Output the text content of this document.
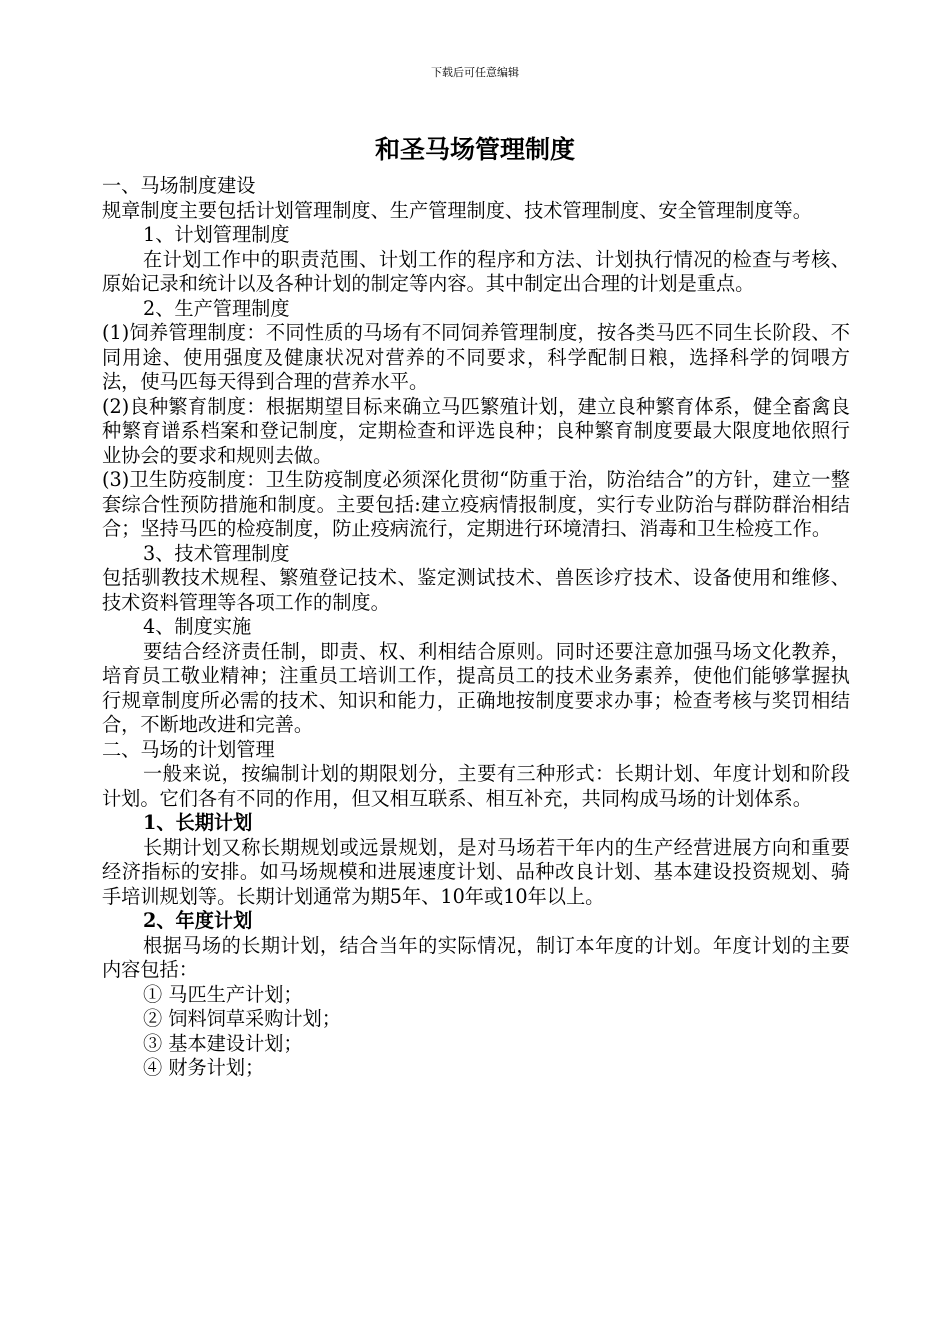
下载后可任意编辑
和圣马场管理制度

一、马场制度建设

规章制度主要包括计划管理制度、生产管理制度、技术管理制度、安全管理制度等。

1、计划管理制度

在计划工作中的职责范围、计划工作的程序和方法、计划执行情况的检查与考核、原始记录和统计以及各种计划的制定等内容。其中制定出合理的计划是重点。

2、生产管理制度

(1)饲养管理制度：不同性质的马场有不同饲养管理制度，按各类马匹不同生长阶段、不同用途、使用强度及健康状况对营养的不同要求，科学配制日粮，选择科学的饲喂方法，使马匹每天得到合理的营养水平。

(2)良种繁育制度：根据期望目标来确立马匹繁殖计划，建立良种繁育体系，健全畜禽良种繁育谱系档案和登记制度，定期检查和评选良种；良种繁育制度要最大限度地依照行业协会的要求和规则去做。

(3)卫生防疫制度：卫生防疫制度必须深化贯彻“防重于治，防治结合”的方针，建立一整套综合性预防措施和制度。主要包括:建立疫病情报制度，实行专业防治与群防群治相结合；坚持马匹的检疫制度，防止疫病流行，定期进行环境清扫、消毒和卫生检疫工作。

3、技术管理制度

包括驯教技术规程、繁殖登记技术、鉴定测试技术、兽医诊疗技术、设备使用和维修、技术资料管理等各项工作的制度。

4、制度实施

要结合经济责任制，即责、权、利相结合原则。同时还要注意加强马场文化教养，培育员工敬业精神；注重员工培训工作，提高员工的技术业务素养，使他们能够掌握执行规章制度所必需的技术、知识和能力，正确地按制度要求办事；检查考核与奖罚相结合，不断地改进和完善。

二、马场的计划管理

一般来说，按编制计划的期限划分，主要有三种形式：长期计划、年度计划和阶段计划。它们各有不同的作用，但又相互联系、相互补充，共同构成马场的计划体系。

1、长期计划

长期计划又称长期规划或远景规划，是对马场若干年内的生产经营进展方向和重要经济指标的安排。如马场规模和进展速度计划、品种改良计划、基本建设投资规划、骑手培训规划等。长期计划通常为期5年、10年或10年以上。

2、年度计划

根据马场的长期计划，结合当年的实际情况，制订本年度的计划。年度计划的主要内容包括：

① 马匹生产计划；

② 饲料饲草采购计划；

③ 基本建设计划；

④ 财务计划；
